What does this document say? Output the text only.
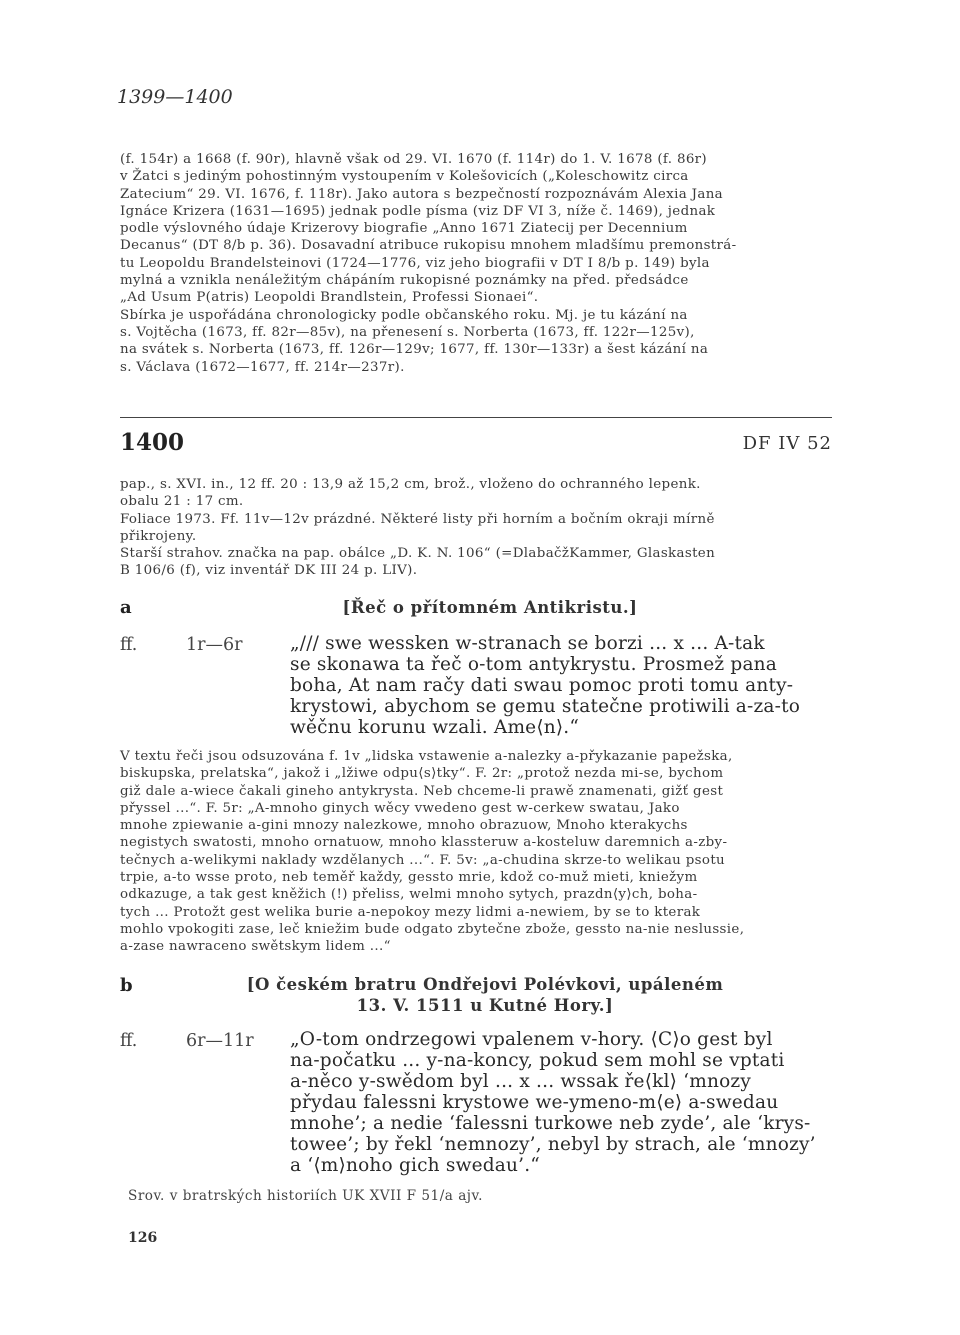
1399—1400
(f. 154r) a 1668 (f. 90r), hlavně však od 29. VI. 1670 (f. 114r) do 1. V. 1678 (f. 86r)
v Žatci s jediným pohostinným vystoupením v Kolešovicích („Koleschowitz circa
Zatecium“ 29. VI. 1676, f. 118r). Jako autora s bezpečností rozpoznávám Alexia Jana
Ignáce Krizera (1631—1695) jednak podle písma (viz DF VI 3, níže č. 1469), jednak
podle výslovného údaje Krizerovy biografie „Anno 1671 Ziatecij per Decennium
Decanus“ (DT 8/b p. 36). Dosavadní atribuce rukopisu mnohem mladšímu premonstrá-
tu Leopoldu Brandelsteinovi (1724—1776, viz jeho biografii v DT I 8/b p. 149) byla
mylná a vznikla nenáležitým chápáním rukopisné poznámky na před. předsádce
„Ad Usum P(atris) Leopoldi Brandlstein, Professi Sionaei“.
Sbírka je uspořádána chronologicky podle občanského roku. Mj. je tu kázání na
s. Vojtěcha (1673, ff. 82r—85v), na přenesení s. Norberta (1673, ff. 122r—125v),
na svátek s. Norberta (1673, ff. 126r—129v; 1677, ff. 130r—133r) a šest kázání na
s. Václava (1672—1677, ff. 214r—237r).
1400	DF IV 52
pap., s. XVI. in., 12 ff. 20 : 13,9 až 15,2 cm, brož., vloženo do ochranného lepenk.
obalu 21 : 17 cm.
Foliace 1973. Ff. 11v—12v prázdné. Některé listy při horním a bočním okraji mírně
přikrojeny.
Starší strahov. značka na pap. obálce „D. K. N. 106“ (=DlabačžKammer, Glaskasten
B 106/6 (f), viz inventář DK III 24 p. LIV).
a	[Řeč o přítomném Antikristu.]
ff.	1r—6r	„/// swe wessken w-stranach se borzi ... x ... A-tak
se skonawa ta řeč o-tom antykrystu. Prosmež pana
boha, At nam račy dati swau pomoc proti tomu anty-
krystowi, abychom se gemu statečne protiwili a-za-to
wěčnu korunu wzali. Ame⟨n⟩.“
V textu řeči jsou odsuzována f. 1v „lidska vstawenie a-nalezky a-přykazanie papežska,
biskupska, prelatska“, jakož i „lžiwe odpu⟨s⟩tky“. F. 2r: „protož nezda mi-se, bychom
giž dale a-wiece čakali gineho antykrysta. Neb chceme-li prawě znamenati, gižť gest
přyssel ...“. F. 5r: „A-mnoho ginych wěcy vwedeno gest w-cerkew swatau, Jako
mnohe zpiewanie a-gini mnozy nalezkowe, mnoho obrazuow, Mnoho kterakychs
negistych swatosti, mnoho ornatuow, mnoho klassteruw a-kosteluw daremnich a-zby-
tečnych a-welikymi naklady wzdělanych ...“. F. 5v: „a-chudina skrze-to welikau psotu
trpie, a-to wsse proto, neb teměř každy, gessto mrie, kdož co-muž mieti, kniežym
odkazuge, a tak gest kněžich (!) přeliss, welmi mnoho sytych, prazdn⟨y⟩ch, boha-
tych ... Protožt gest welika burie a-nepokoy mezy lidmi a-newiem, by se to kterak
mohlo vpokogiti zase, leč kniežim bude odgato zbytečne zbože, gessto na-nie neslussie,
a-zase nawraceno swětskym lidem ...“
b	[O českém bratru Ondřejovi Polévkovi, upáleném
13. V. 1511 u Kutné Hory.]
ff.	6r—11r „O-tom ondrzegowi vpalenem v-hory. ⟨C⟩o gest byl
na-počatku ... y-na-koncy, pokud sem mohl se vptati
a-něco y-swědom byl ... x ... wssak ře⟨kl⟩ ‘mnozy
přydau falessni krystowe we-ymeno-m⟨e⟩ a-swedau
mnohe’; a nedie ‘falessni turkowe neb zyde’, ale ‘krys-
towee’; by řekl ‘nemnozy’, nebyl by strach, ale ‘mnozy’
a ‘⟨m⟩noho gich swedau’.“
Srov. v bratrských historiích UK XVII F 51/a ajv.
126
